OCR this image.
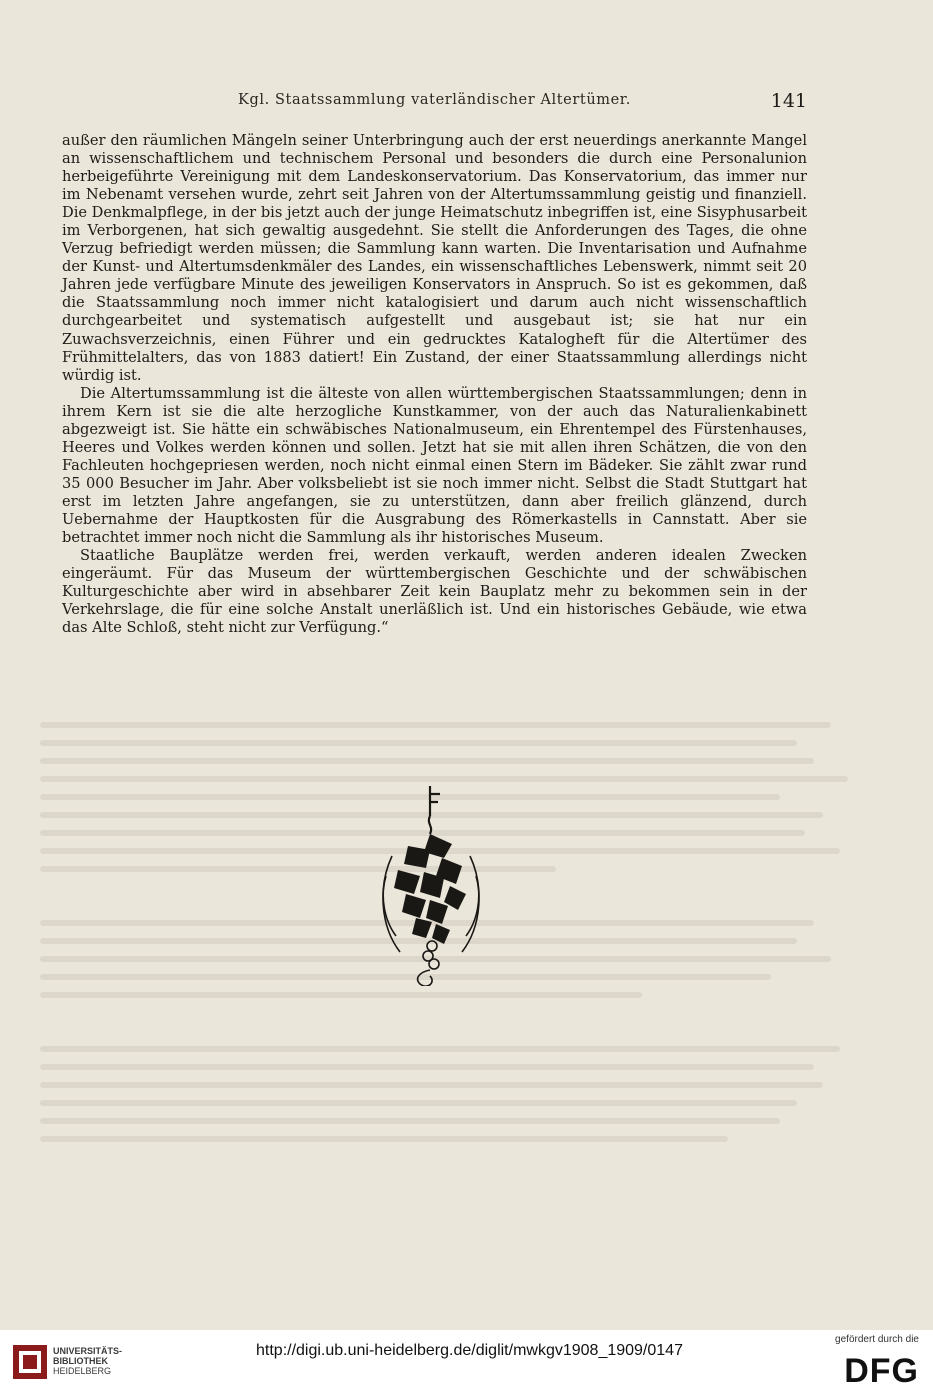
Kgl. Staatssammlung vaterländischer Altertümer.	141

außer den räumlichen Mängeln seiner Unterbringung auch der erst neuerdings anerkannte Mangel an wissenschaftlichem und technischem Personal und besonders die durch eine Personalunion herbeigeführte Vereinigung mit dem Landeskonservatorium. Das Konservatorium, das immer nur im Nebenamt versehen wurde, zehrt seit Jahren von der Altertumssammlung geistig und finanziell. Die Denkmalpflege, in der bis jetzt auch der junge Heimatschutz inbegriffen ist, eine Sisyphusarbeit im Verborgenen, hat sich gewaltig ausgedehnt. Sie stellt die Anforderungen des Tages, die ohne Verzug befriedigt werden müssen; die Sammlung kann warten. Die Inventarisation und Aufnahme der Kunst- und Altertumsdenkmäler des Landes, ein wissenschaftliches Lebenswerk, nimmt seit 20 Jahren jede verfügbare Minute des jeweiligen Konservators in Anspruch. So ist es gekommen, daß die Staatssammlung noch immer nicht katalogisiert und darum auch nicht wissenschaftlich durchgearbeitet und systematisch aufgestellt und ausgebaut ist; sie hat nur ein Zuwachsverzeichnis, einen Führer und ein gedrucktes Katalogheft für die Altertümer des Frühmittelalters, das von 1883 datiert! Ein Zustand, der einer Staatssammlung allerdings nicht würdig ist.

Die Altertumssammlung ist die älteste von allen württembergischen Staatssammlungen; denn in ihrem Kern ist sie die alte herzogliche Kunstkammer, von der auch das Naturalienkabinett abgezweigt ist. Sie hätte ein schwäbisches Nationalmuseum, ein Ehrentempel des Fürstenhauses, Heeres und Volkes werden können und sollen. Jetzt hat sie mit allen ihren Schätzen, die von den Fachleuten hochgepriesen werden, noch nicht einmal einen Stern im Bädeker. Sie zählt zwar rund 35 000 Besucher im Jahr. Aber volksbeliebt ist sie noch immer nicht. Selbst die Stadt Stuttgart hat erst im letzten Jahre angefangen, sie zu unterstützen, dann aber freilich glänzend, durch Uebernahme der Hauptkosten für die Ausgrabung des Römerkastells in Cannstatt. Aber sie betrachtet immer noch nicht die Sammlung als ihr historisches Museum.

Staatliche Bauplätze werden frei, werden verkauft, werden anderen idealen Zwecken eingeräumt. Für das Museum der württembergischen Geschichte und der schwäbischen Kulturgeschichte aber wird in absehbarer Zeit kein Bauplatz mehr zu bekommen sein in der Verkehrslage, die für eine solche Anstalt unerläßlich ist. Und ein historisches Gebäude, wie etwa das Alte Schloß, steht nicht zur Verfügung.“

UNIVERSITÄTS-
BIBLIOTHEK
HEIDELBERG
http://digi.ub.uni-heidelberg.de/diglit/mwkgv1908_1909/0147
gefördert durch die
DFG
